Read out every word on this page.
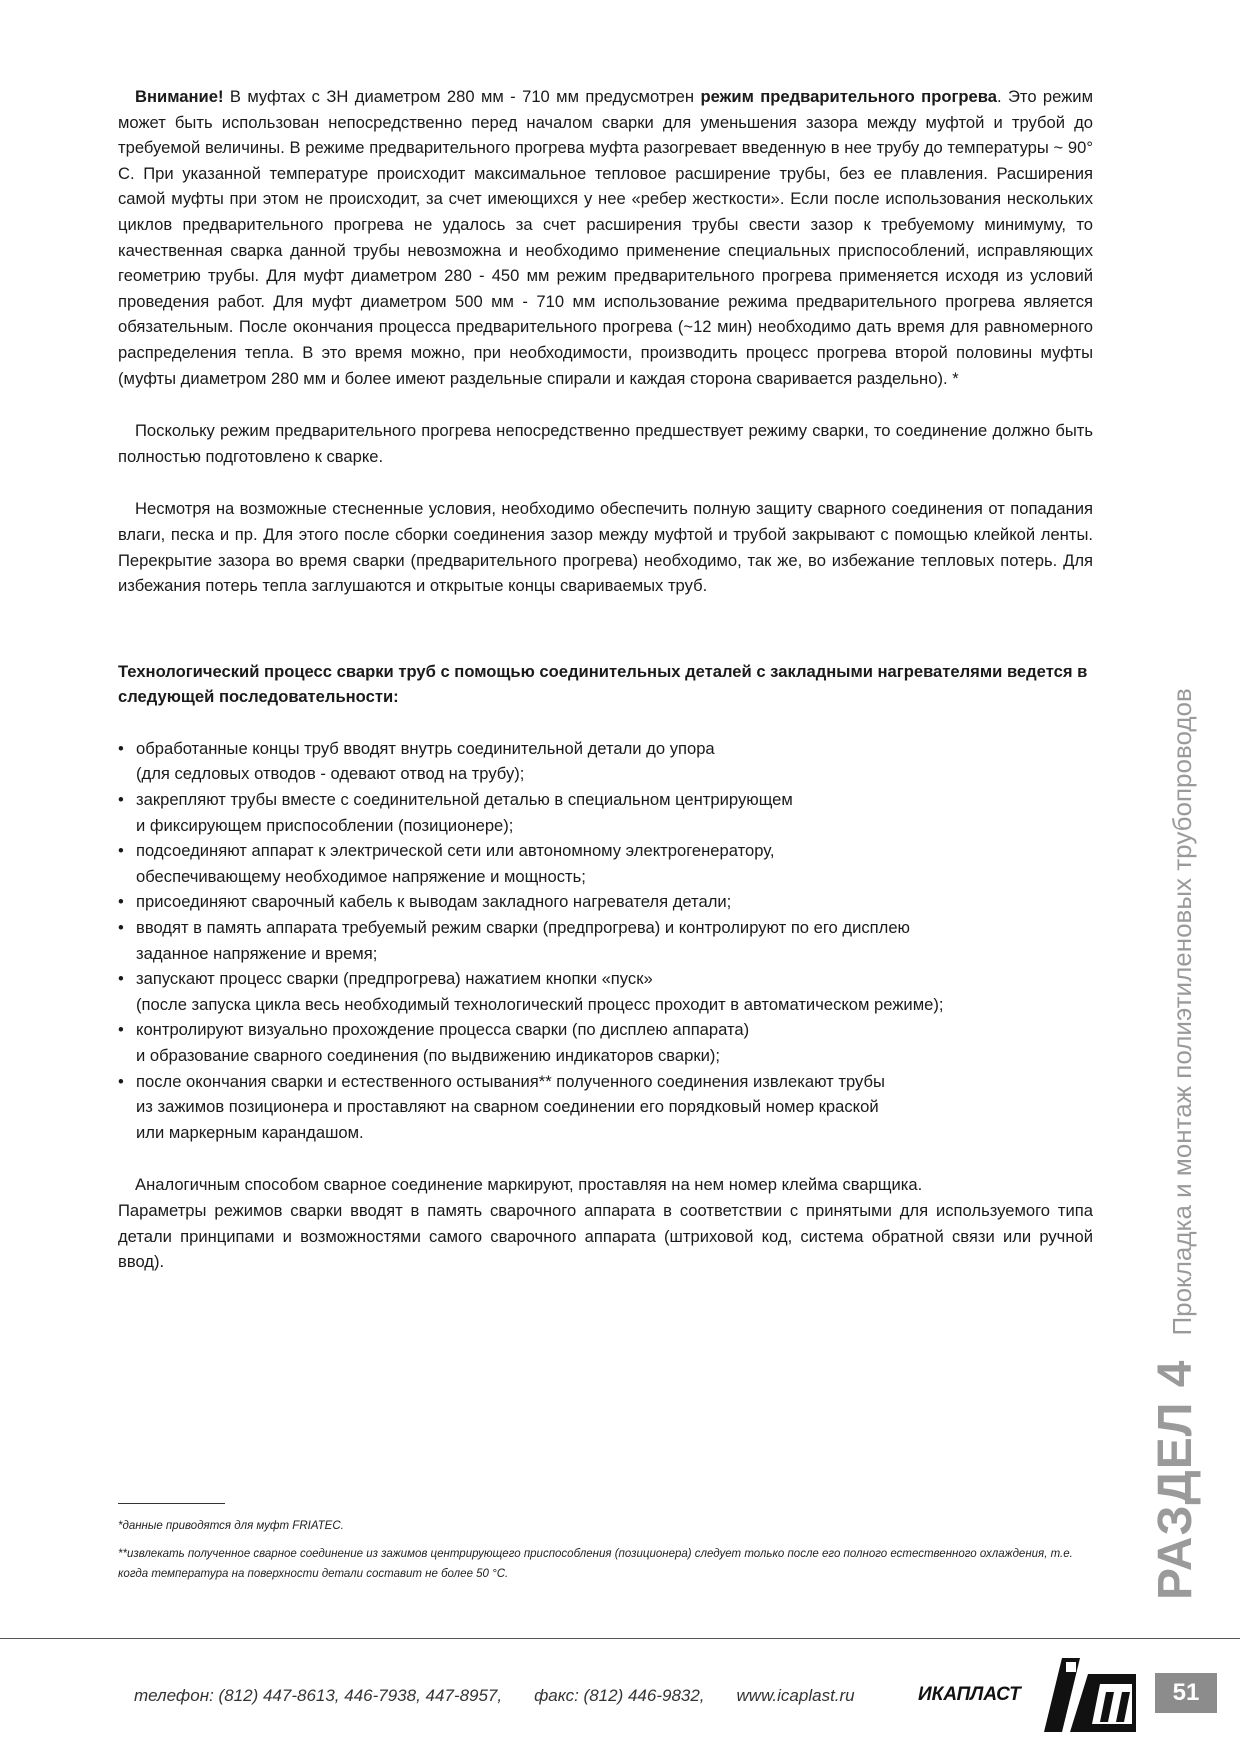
Внимание! В муфтах с ЗН диаметром 280 мм - 710 мм предусмотрен режим предварительного прогрева. Это режим может быть использован непосредственно перед началом сварки для уменьшения зазора между муфтой и трубой до требуемой величины. В режиме предварительного прогрева муфта разогревает введенную в нее трубу до температуры ~ 90° С. При указанной температуре происходит максимальное тепловое расширение трубы, без ее плавления. Расширения самой муфты при этом не происходит, за счет имеющихся у нее «ребер жесткости». Если после использования нескольких циклов предварительного прогрева не удалось за счет расширения трубы свести зазор к требуемому минимуму, то качественная сварка данной трубы невозможна и необходимо применение специальных приспособлений, исправляющих геометрию трубы. Для муфт диаметром 280 - 450 мм режим предварительного прогрева применяется исходя из условий проведения работ. Для муфт диаметром 500 мм - 710 мм использование режима предварительного прогрева является обязательным. После окончания процесса предварительного прогрева (~12 мин) необходимо дать время для равномерного распределения тепла. В это время можно, при необходимости, производить процесс прогрева второй половины муфты (муфты диаметром 280 мм и более имеют раздельные спирали и каждая сторона сваривается раздельно). *

Поскольку режим предварительного прогрева непосредственно предшествует режиму сварки, то соединение должно быть полностью подготовлено к сварке.

Несмотря на возможные стесненные условия, необходимо обеспечить полную защиту сварного соединения от попадания влаги, песка и пр. Для этого после сборки соединения зазор между муфтой и трубой закрывают с помощью клейкой ленты. Перекрытие зазора во время сварки (предварительного прогрева) необходимо, так же, во избежание тепловых потерь. Для избежания потерь тепла заглушаются и открытые концы свариваемых труб.

Технологический процесс сварки труб с помощью соединительных деталей с закладными нагревателями ведется в следующей последовательности:

• обработанные концы труб вводят внутрь соединительной детали до упора
(для седловых отводов - одевают отвод на трубу);
• закрепляют трубы вместе с соединительной деталью в специальном центрирующем
и фиксирующем приспособлении (позиционере);
• подсоединяют аппарат к электрической сети или автономному электрогенератору,
обеспечивающему необходимое напряжение и мощность;
• присоединяют сварочный кабель к выводам закладного нагревателя детали;
• вводят в память аппарата требуемый режим сварки (предпрогрева) и контролируют по его дисплею
заданное напряжение и время;
• запускают процесс сварки (предпрогрева) нажатием кнопки «пуск»
(после запуска цикла весь необходимый технологический процесс проходит в автоматическом режиме);
• контролируют визуально прохождение процесса сварки (по дисплею аппарата)
и образование сварного соединения (по выдвижению индикаторов сварки);
• после окончания сварки и естественного остывания** полученного соединения извлекают трубы
из зажимов позиционера и проставляют на сварном соединении его порядковый номер краской
или маркерным карандашом.

Аналогичным способом сварное соединение маркируют, проставляя на нем номер клейма сварщика.

Параметры режимов сварки вводят в память сварочного аппарата в соответствии с принятыми для используемого типа детали принципами и возможностями самого сварочного аппарата (штриховой код, система обратной связи или ручной ввод).

*данные приводятся для муфт FRIATEC.

**извлекать полученное сварное соединение из зажимов центрирующего приспособления (позиционера) следует только после его полного естественного охлаждения, т.е. когда температура на поверхности детали составит не более 50 °С.	РАЗДЕЛ 4
Прокладка и монтаж полиэтиленовых трубопроводов
телефон: (812) 447-8613, 446-7938, 447-8957, факс: (812) 446-9832, www.icaplast.ru	ИКАПЛАСТ	51
